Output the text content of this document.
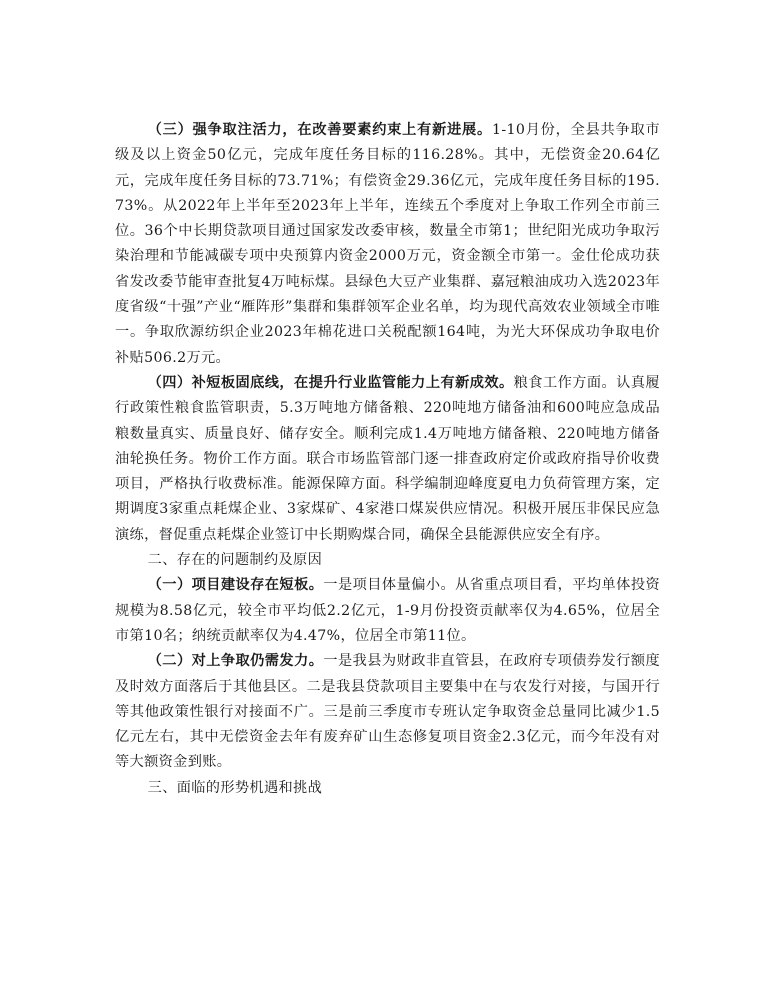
（三）强争取注活力，在改善要素约束上有新进展。1-10月份，全县共争取市级及以上资金50亿元，完成年度任务目标的116.28%。其中，无偿资金20.64亿元，完成年度任务目标的73.71%；有偿资金29.36亿元，完成年度任务目标的195.73%。从2022年上半年至2023年上半年，连续五个季度对上争取工作列全市前三位。36个中长期贷款项目通过国家发改委审核，数量全市第1；世纪阳光成功争取污染治理和节能减碳专项中央预算内资金2000万元，资金额全市第一。金仕伦成功获省发改委节能审查批复4万吨标煤。县绿色大豆产业集群、嘉冠粮油成功入选2023年度省级“十强”产业“雁阵形”集群和集群领军企业名单，均为现代高效农业领域全市唯一。争取欣源纺织企业2023年棉花进口关税配额164吨，为光大环保成功争取电价补贴506.2万元。

（四）补短板固底线，在提升行业监管能力上有新成效。粮食工作方面。认真履行政策性粮食监管职责，5.3万吨地方储备粮、220吨地方储备油和600吨应急成品粮数量真实、质量良好、储存安全。顺利完成1.4万吨地方储备粮、220吨地方储备油轮换任务。物价工作方面。联合市场监管部门逐一排查政府定价或政府指导价收费项目，严格执行收费标准。能源保障方面。科学编制迎峰度夏电力负荷管理方案，定期调度3家重点耗煤企业、3家煤矿、4家港口煤炭供应情况。积极开展压非保民应急演练，督促重点耗煤企业签订中长期购煤合同，确保全县能源供应安全有序。

二、存在的问题制约及原因

（一）项目建设存在短板。一是项目体量偏小。从省重点项目看，平均单体投资规模为8.58亿元，较全市平均低2.2亿元，1-9月份投资贡献率仅为4.65%，位居全市第10名；纳统贡献率仅为4.47%，位居全市第11位。

（二）对上争取仍需发力。一是我县为财政非直管县，在政府专项债券发行额度及时效方面落后于其他县区。二是我县贷款项目主要集中在与农发行对接，与国开行等其他政策性银行对接面不广。三是前三季度市专班认定争取资金总量同比减少1.5亿元左右，其中无偿资金去年有废弃矿山生态修复项目资金2.3亿元，而今年没有对等大额资金到账。

三、面临的形势机遇和挑战
